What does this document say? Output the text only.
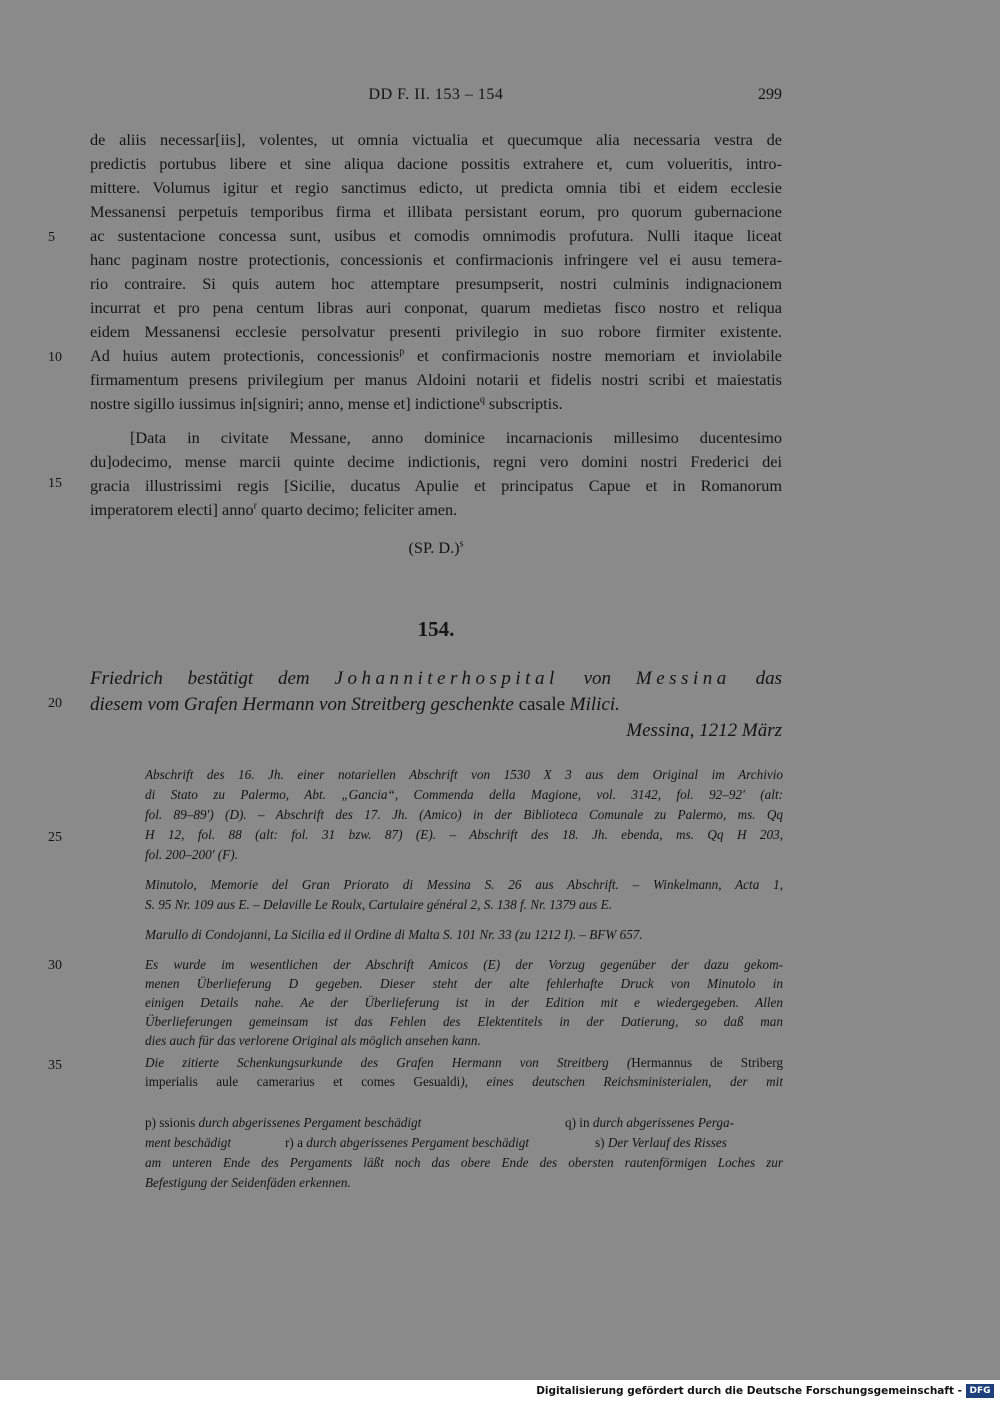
DD F. II. 153 – 154	299
de aliis necessar[iis], volentes, ut omnia victualia et quecumque alia necessaria vestra de
predictis portubus libere et sine aliqua dacione possitis extrahere et, cum volueritis, intro-
mittere. Volumus igitur et regio sanctimus edicto, ut predicta omnia tibi et eidem ecclesie
Messanensi perpetuis temporibus firma et illibata persistant eorum, pro quorum gubernacione
ac sustentacione concessa sunt, usibus et comodis omnimodis profutura. Nulli itaque liceat
hanc paginam nostre protectionis, concessionis et confirmacionis infringere vel ei ausu temera-
rio contraire. Si quis autem hoc attemptare presumpserit, nostri culminis indignacionem
incurrat et pro pena centum libras auri conponat, quarum medietas fisco nostro et reliqua
eidem Messanensi ecclesie persolvatur presenti privilegio in suo robore firmiter existente.
Ad huius autem protectionis, concessionis$^p$ et confirmacionis nostre memoriam et inviolabile
firmamentum presens privilegium per manus Aldoini notarii et fidelis nostri scribi et maiestatis
nostre sigillo iussimus in[signiri; anno, mense et] indictione$^q$ subscriptis.
[Data in civitate Messane, anno dominice incarnacionis millesimo ducentesimo
du]odecimo, mense marcii quinte decime indictionis, regni vero domini nostri Frederici dei
gracia illustrissimi regis [Sicilie, ducatus Apulie et principatus Capue et in Romanorum
imperatorem electi] anno$^r$ quarto decimo; feliciter amen.
(SP. D.)$^s$
5
10
15
20
25
30
35
154.
Friedrich bestätigt dem Johanniterhospital von Messina das
diesem vom Grafen Hermann von Streitberg geschenkte casale Milici.
Messina, 1212 März
Abschrift des 16. Jh. einer notariellen Abschrift von 1530 X 3 aus dem Original im Archivio
di Stato zu Palermo, Abt. „Gancia“, Commenda della Magione, vol. 3142, fol. 92–92' (alt:
fol. 89–89') (D). – Abschrift des 17. Jh. (Amico) in der Biblioteca Comunale zu Palermo, ms. Qq
H 12, fol. 88 (alt: fol. 31 bzw. 87) (E). – Abschrift des 18. Jh. ebenda, ms. Qq H 203,
fol. 200–200' (F).
Minutolo, Memorie del Gran Priorato di Messina S. 26 aus Abschrift. – Winkelmann, Acta 1,
S. 95 Nr. 109 aus E. – Delaville Le Roulx, Cartulaire général 2, S. 138 f. Nr. 1379 aus E.
Marullo di Condojanni, La Sicilia ed il Ordine di Malta S. 101 Nr. 33 (zu 1212 I). – BFW 657.
Es wurde im wesentlichen der Abschrift Amicos (E) der Vorzug gegenüber der dazu gekom-
menen Überlieferung D gegeben. Dieser steht der alte fehlerhafte Druck von Minutolo in
einigen Details nahe. Ae der Überlieferung ist in der Edition mit e wiedergegeben. Allen
Überlieferungen gemeinsam ist das Fehlen des Elektentitels in der Datierung, so daß man
dies auch für das verlorene Original als möglich ansehen kann.
Die zitierte Schenkungsurkunde des Grafen Hermann von Streitberg (Hermannus de Striberg
imperialis aule camerarius et comes Gesualdi), eines deutschen Reichsministerialen, der mit
p) ssionis durch abgerissenes Pergament beschädigt	q) in durch abgerissenes Perga-
ment beschädigt	r) a durch abgerissenes Pergament beschädigt	s) Der Verlauf des Risses
am unteren Ende des Pergaments läßt noch das obere Ende des obersten rautenförmigen Loches zur
Befestigung der Seidenfäden erkennen.
Digitalisierung gefördert durch die Deutsche Forschungsgemeinschaft - DFG
